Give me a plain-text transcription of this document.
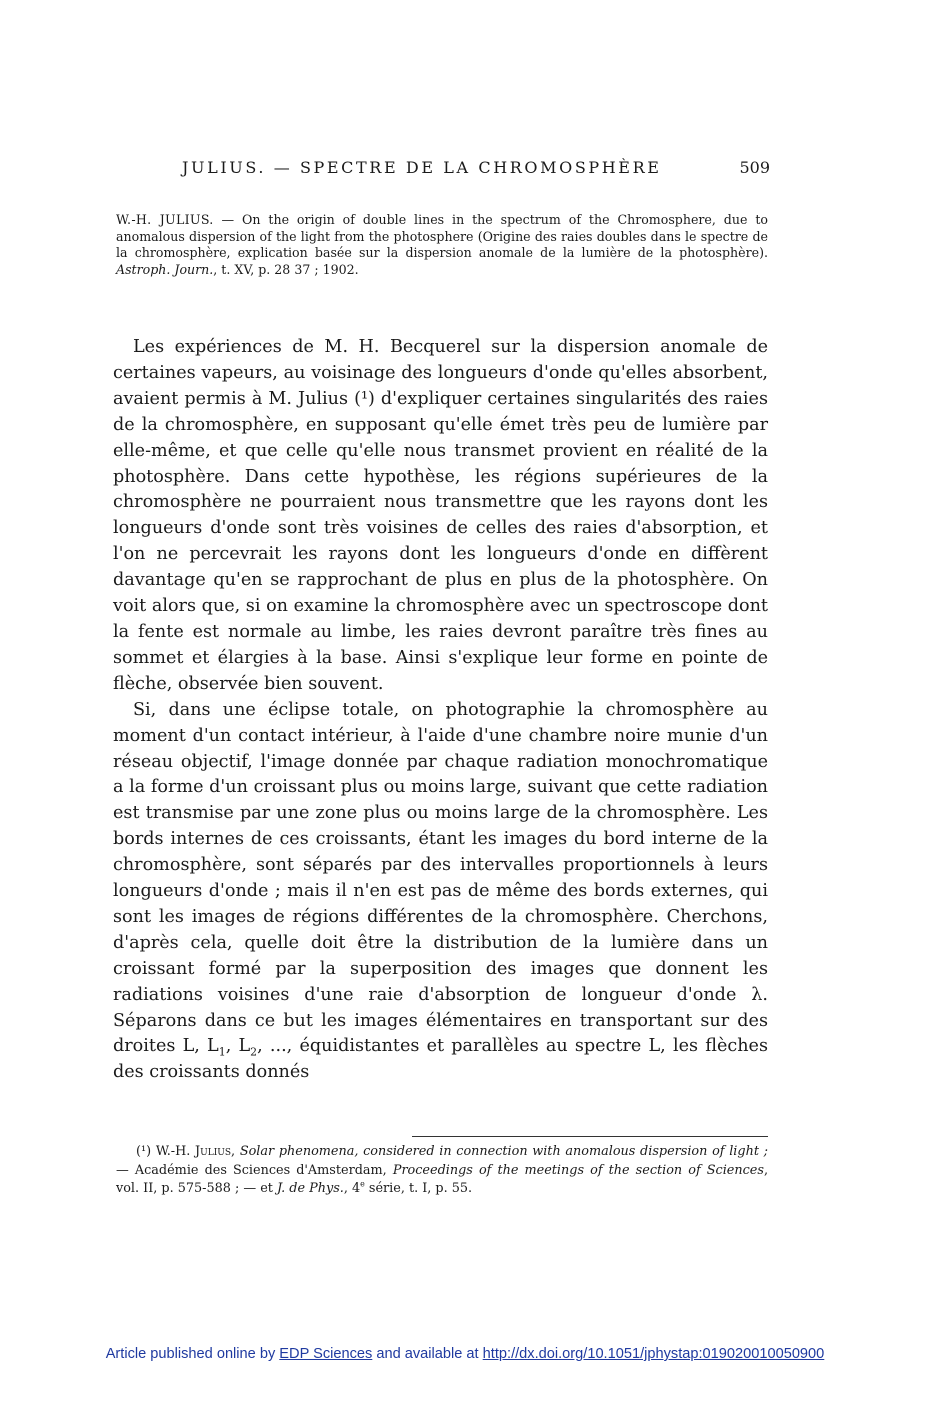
JULIUS. — SPECTRE DE LA CHROMOSPHÈRE	509
W.-H. JULIUS. — On the origin of double lines in the spectrum of the Chromosphere, due to anomalous dispersion of the light from the photosphere (Origine des raies doubles dans le spectre de la chromosphère, explication basée sur la dispersion anomale de la lumière de la photosphère). Astroph. Journ., t. XV, p. 28 37 ; 1902.

Les expériences de M. H. Becquerel sur la dispersion anomale de certaines vapeurs, au voisinage des longueurs d'onde qu'elles absorbent, avaient permis à M. Julius (¹) d'expliquer certaines singularités des raies de la chromosphère, en supposant qu'elle émet très peu de lumière par elle-même, et que celle qu'elle nous transmet provient en réalité de la photosphère. Dans cette hypothèse, les régions supérieures de la chromosphère ne pourraient nous transmettre que les rayons dont les longueurs d'onde sont très voisines de celles des raies d'absorption, et l'on ne percevrait les rayons dont les longueurs d'onde en diffèrent davantage qu'en se rapprochant de plus en plus de la photosphère. On voit alors que, si on examine la chromosphère avec un spectroscope dont la fente est normale au limbe, les raies devront paraître très fines au sommet et élargies à la base. Ainsi s'explique leur forme en pointe de flèche, observée bien souvent.

Si, dans une éclipse totale, on photographie la chromosphère au moment d'un contact intérieur, à l'aide d'une chambre noire munie d'un réseau objectif, l'image donnée par chaque radiation monochromatique a la forme d'un croissant plus ou moins large, suivant que cette radiation est transmise par une zone plus ou moins large de la chromosphère. Les bords internes de ces croissants, étant les images du bord interne de la chromosphère, sont séparés par des intervalles proportionnels à leurs longueurs d'onde ; mais il n'en est pas de même des bords externes, qui sont les images de régions différentes de la chromosphère. Cherchons, d'après cela, quelle doit être la distribution de la lumière dans un croissant formé par la superposition des images que donnent les radiations voisines d'une raie d'absorption de longueur d'onde λ. Séparons dans ce but les images élémentaires en transportant sur des droites L, $L_1$, $L_2$, ..., équidistantes et parallèles au spectre L, les flèches des croissants donnés

(¹) W.-H. Julius, Solar phenomena, considered in connection with anomalous dispersion of light ; — Académie des Sciences d'Amsterdam, Proceedings of the meetings of the section of Sciences, vol. II, p. 575-588 ; — et J. de Phys., 4e série, t. I, p. 55.
Article published online by EDP Sciences and available at http://dx.doi.org/10.1051/jphystap:019020010050900
